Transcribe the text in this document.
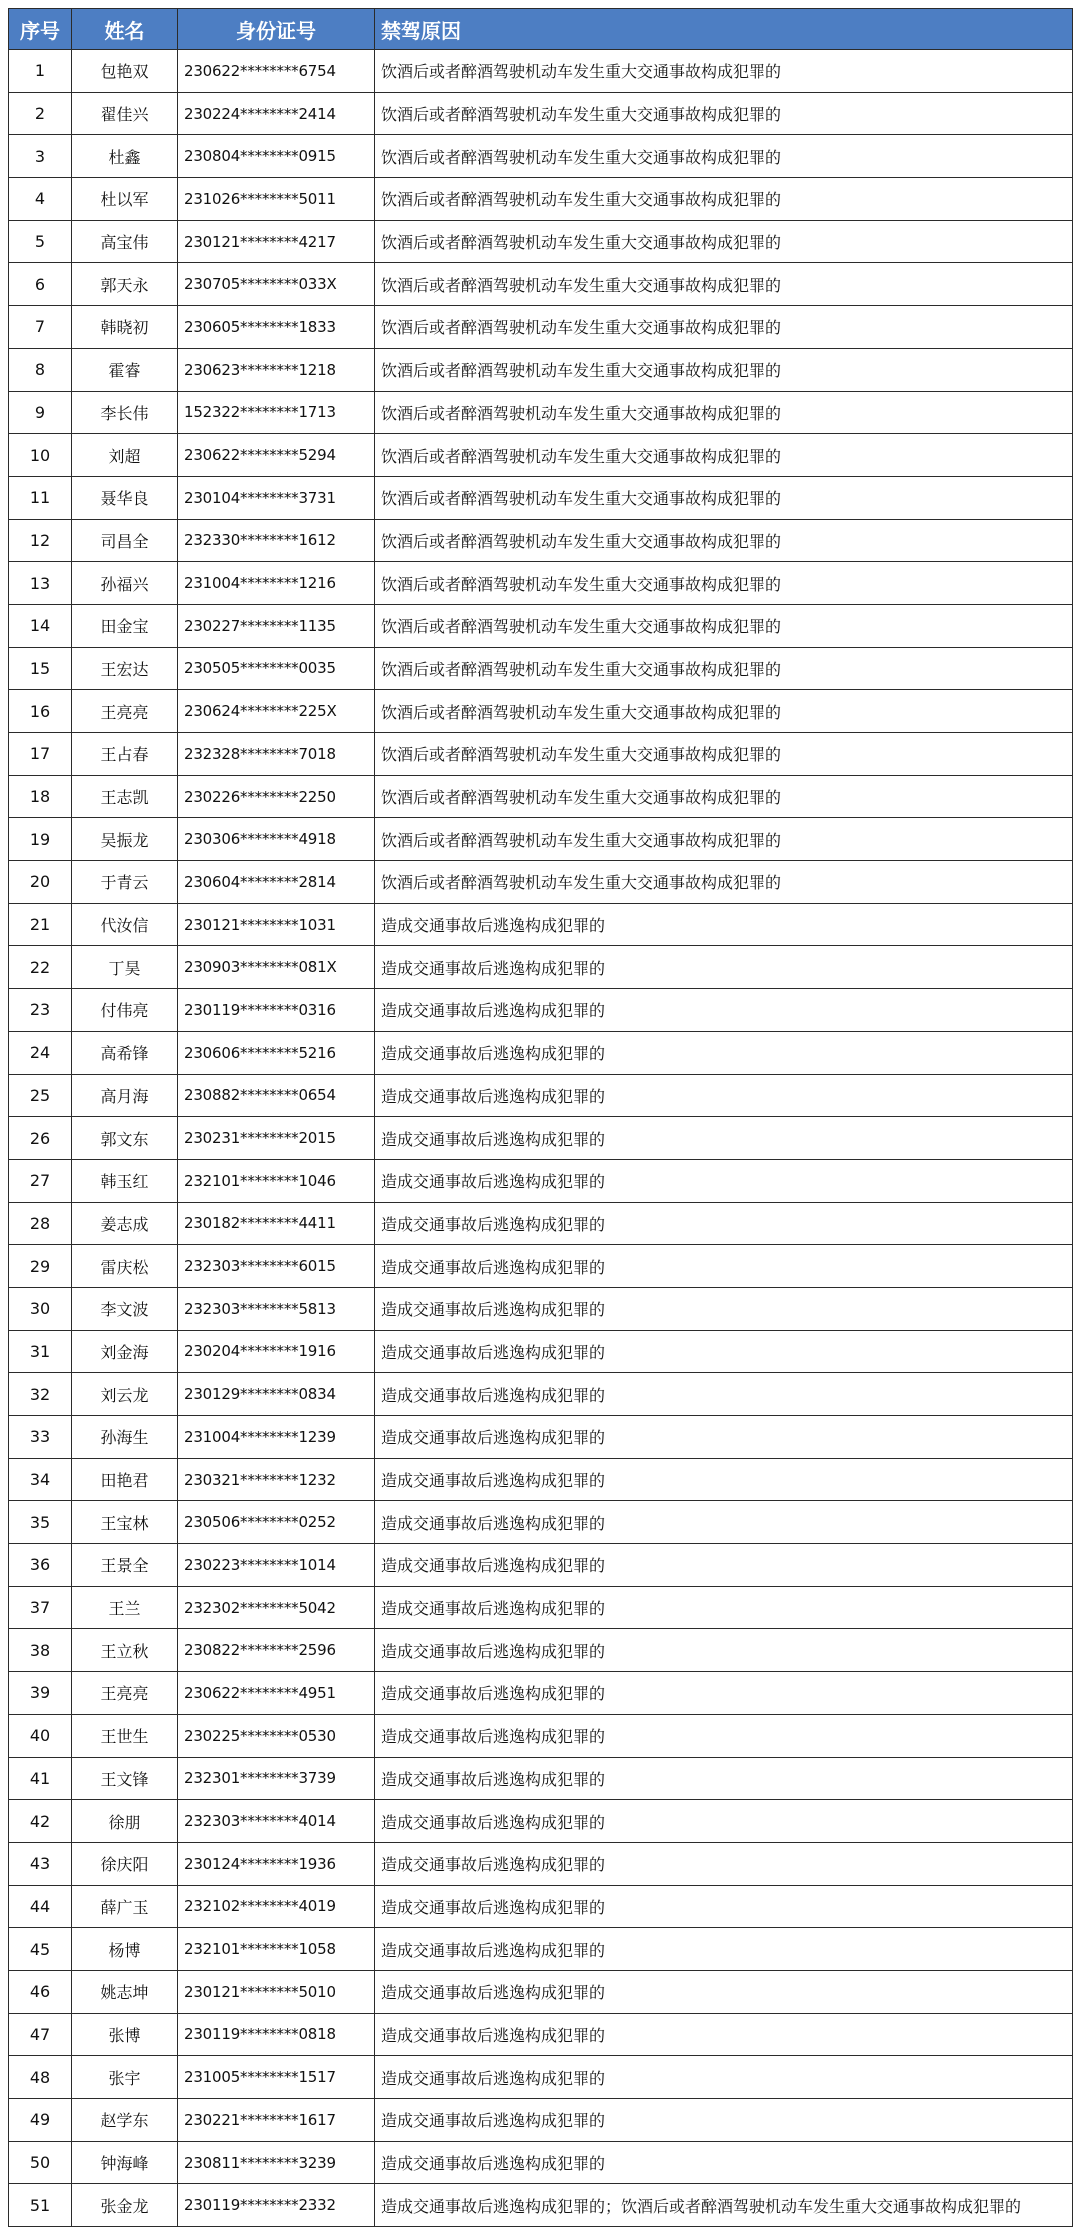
序号	姓名	身份证号	禁驾原因
1	包艳双	230622********6754	饮酒后或者醉酒驾驶机动车发生重大交通事故构成犯罪的
2	翟佳兴	230224********2414	饮酒后或者醉酒驾驶机动车发生重大交通事故构成犯罪的
3	杜鑫	230804********0915	饮酒后或者醉酒驾驶机动车发生重大交通事故构成犯罪的
4	杜以军	231026********5011	饮酒后或者醉酒驾驶机动车发生重大交通事故构成犯罪的
5	高宝伟	230121********4217	饮酒后或者醉酒驾驶机动车发生重大交通事故构成犯罪的
6	郭天永	230705********033X	饮酒后或者醉酒驾驶机动车发生重大交通事故构成犯罪的
7	韩晓初	230605********1833	饮酒后或者醉酒驾驶机动车发生重大交通事故构成犯罪的
8	霍睿	230623********1218	饮酒后或者醉酒驾驶机动车发生重大交通事故构成犯罪的
9	李长伟	152322********1713	饮酒后或者醉酒驾驶机动车发生重大交通事故构成犯罪的
10	刘超	230622********5294	饮酒后或者醉酒驾驶机动车发生重大交通事故构成犯罪的
11	聂华良	230104********3731	饮酒后或者醉酒驾驶机动车发生重大交通事故构成犯罪的
12	司昌全	232330********1612	饮酒后或者醉酒驾驶机动车发生重大交通事故构成犯罪的
13	孙福兴	231004********1216	饮酒后或者醉酒驾驶机动车发生重大交通事故构成犯罪的
14	田金宝	230227********1135	饮酒后或者醉酒驾驶机动车发生重大交通事故构成犯罪的
15	王宏达	230505********0035	饮酒后或者醉酒驾驶机动车发生重大交通事故构成犯罪的
16	王亮亮	230624********225X	饮酒后或者醉酒驾驶机动车发生重大交通事故构成犯罪的
17	王占春	232328********7018	饮酒后或者醉酒驾驶机动车发生重大交通事故构成犯罪的
18	王志凯	230226********2250	饮酒后或者醉酒驾驶机动车发生重大交通事故构成犯罪的
19	吴振龙	230306********4918	饮酒后或者醉酒驾驶机动车发生重大交通事故构成犯罪的
20	于青云	230604********2814	饮酒后或者醉酒驾驶机动车发生重大交通事故构成犯罪的
21	代汝信	230121********1031	造成交通事故后逃逸构成犯罪的
22	丁昊	230903********081X	造成交通事故后逃逸构成犯罪的
23	付伟亮	230119********0316	造成交通事故后逃逸构成犯罪的
24	高希锋	230606********5216	造成交通事故后逃逸构成犯罪的
25	高月海	230882********0654	造成交通事故后逃逸构成犯罪的
26	郭文东	230231********2015	造成交通事故后逃逸构成犯罪的
27	韩玉红	232101********1046	造成交通事故后逃逸构成犯罪的
28	姜志成	230182********4411	造成交通事故后逃逸构成犯罪的
29	雷庆松	232303********6015	造成交通事故后逃逸构成犯罪的
30	李文波	232303********5813	造成交通事故后逃逸构成犯罪的
31	刘金海	230204********1916	造成交通事故后逃逸构成犯罪的
32	刘云龙	230129********0834	造成交通事故后逃逸构成犯罪的
33	孙海生	231004********1239	造成交通事故后逃逸构成犯罪的
34	田艳君	230321********1232	造成交通事故后逃逸构成犯罪的
35	王宝林	230506********0252	造成交通事故后逃逸构成犯罪的
36	王景全	230223********1014	造成交通事故后逃逸构成犯罪的
37	王兰	232302********5042	造成交通事故后逃逸构成犯罪的
38	王立秋	230822********2596	造成交通事故后逃逸构成犯罪的
39	王亮亮	230622********4951	造成交通事故后逃逸构成犯罪的
40	王世生	230225********0530	造成交通事故后逃逸构成犯罪的
41	王文锋	232301********3739	造成交通事故后逃逸构成犯罪的
42	徐朋	232303********4014	造成交通事故后逃逸构成犯罪的
43	徐庆阳	230124********1936	造成交通事故后逃逸构成犯罪的
44	薛广玉	232102********4019	造成交通事故后逃逸构成犯罪的
45	杨博	232101********1058	造成交通事故后逃逸构成犯罪的
46	姚志坤	230121********5010	造成交通事故后逃逸构成犯罪的
47	张博	230119********0818	造成交通事故后逃逸构成犯罪的
48	张宇	231005********1517	造成交通事故后逃逸构成犯罪的
49	赵学东	230221********1617	造成交通事故后逃逸构成犯罪的
50	钟海峰	230811********3239	造成交通事故后逃逸构成犯罪的
51	张金龙	230119********2332	造成交通事故后逃逸构成犯罪的；饮酒后或者醉酒驾驶机动车发生重大交通事故构成犯罪的
